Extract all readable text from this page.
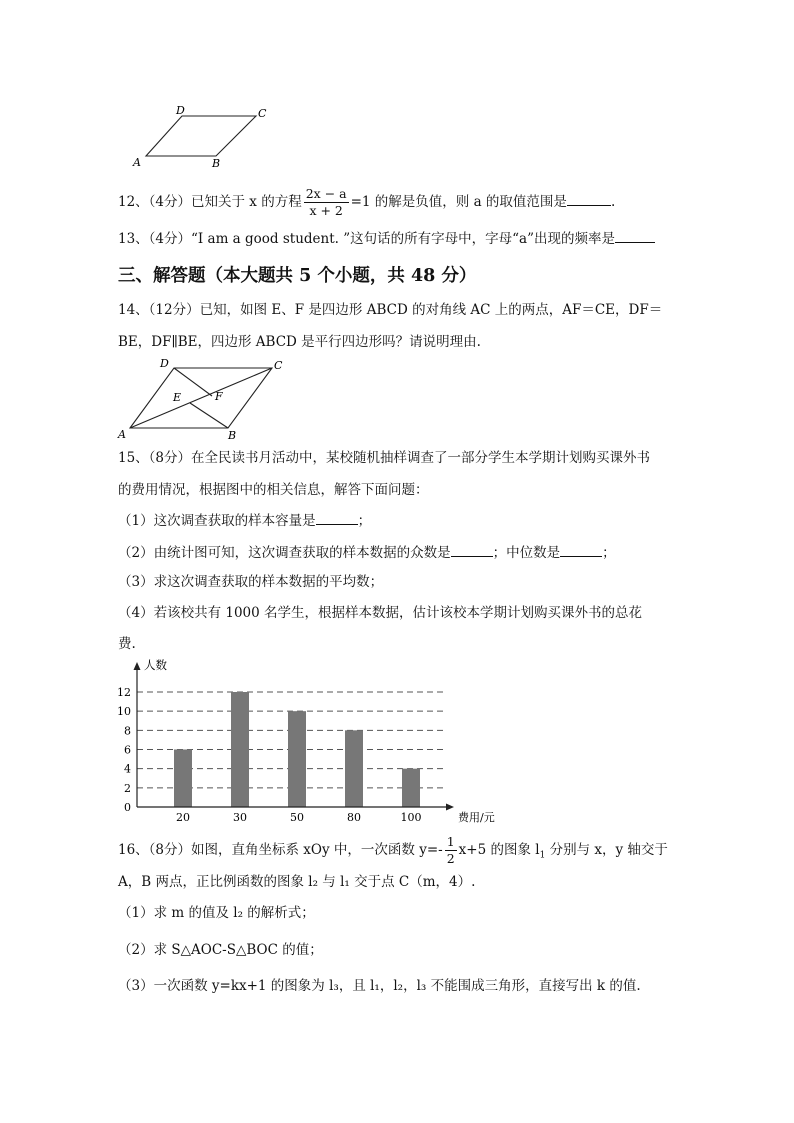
A	B
C
D
12、（4分）已知关于 x 的方程 $\frac{2x - a}{x + 2} =1$ 的解是负值，则 a 的取值范围是	.
13、（4分）“I am a good student. ”这句话的所有字母中，字母“a”出现的频率是
三、解答题（本大题共 5 个小题，共 48 分）
14、（12分）已知，如图 E、F 是四边形 ABCD 的对角线 AC 上的两点，AF＝CE，DF＝
BE，DF∥BE，四边形 ABCD 是平行四边形吗？请说明理由.
A	B
C
D
E	F
15、（8分）在全民读书月活动中，某校随机抽样调查了一部分学生本学期计划购买课外书
的费用情况，根据图中的相关信息，解答下面问题：
（1）这次调查获取的样本容量是	；
（2）由统计图可知，这次调查获取的样本数据的众数是	；中位数是	；
（3）求这次调查获取的样本数据的平均数；
（4）若该校共有 1000 名学生，根据样本数据，估计该校本学期计划购买课外书的总花
费.
0
2
4
6
8
10
12
20	30	50	80	100
人数
费用/元
16、（8分）如图，直角坐标系 xOy 中，一次函数 $y=- \frac{1}{2} x+5$ 的图象 $l_1$ 分别与 x，y 轴交于
A，B 两点，正比例函数的图象 l₂ 与 l₁ 交于点 C（m，4）.
（1）求 m 的值及 l₂ 的解析式；
（2）求 S△AOC-S△BOC 的值；
（3）一次函数 y=kx+1 的图象为 l₃，且 l₁，l₂，l₃ 不能围成三角形，直接写出 k 的值.
